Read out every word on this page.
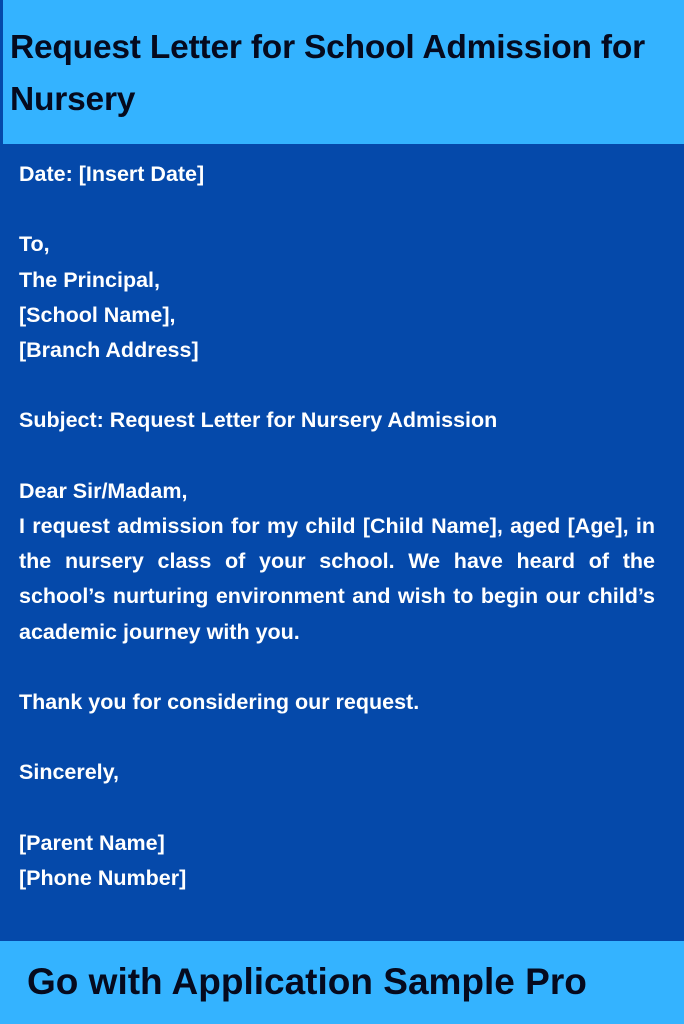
Request Letter for School Admission for Nursery

Date: [Insert Date]

To,

The Principal,

[School Name],

[Branch Address]

Subject: Request Letter for Nursery Admission

Dear Sir/Madam,

I request admission for my child [Child Name], aged [Age], in the nursery class of your school. We have heard of the school’s nurturing environment and wish to begin our child’s academic journey with you.

Thank you for considering our request.

Sincerely,

[Parent Name]

[Phone Number]

Go with Application Sample Pro
